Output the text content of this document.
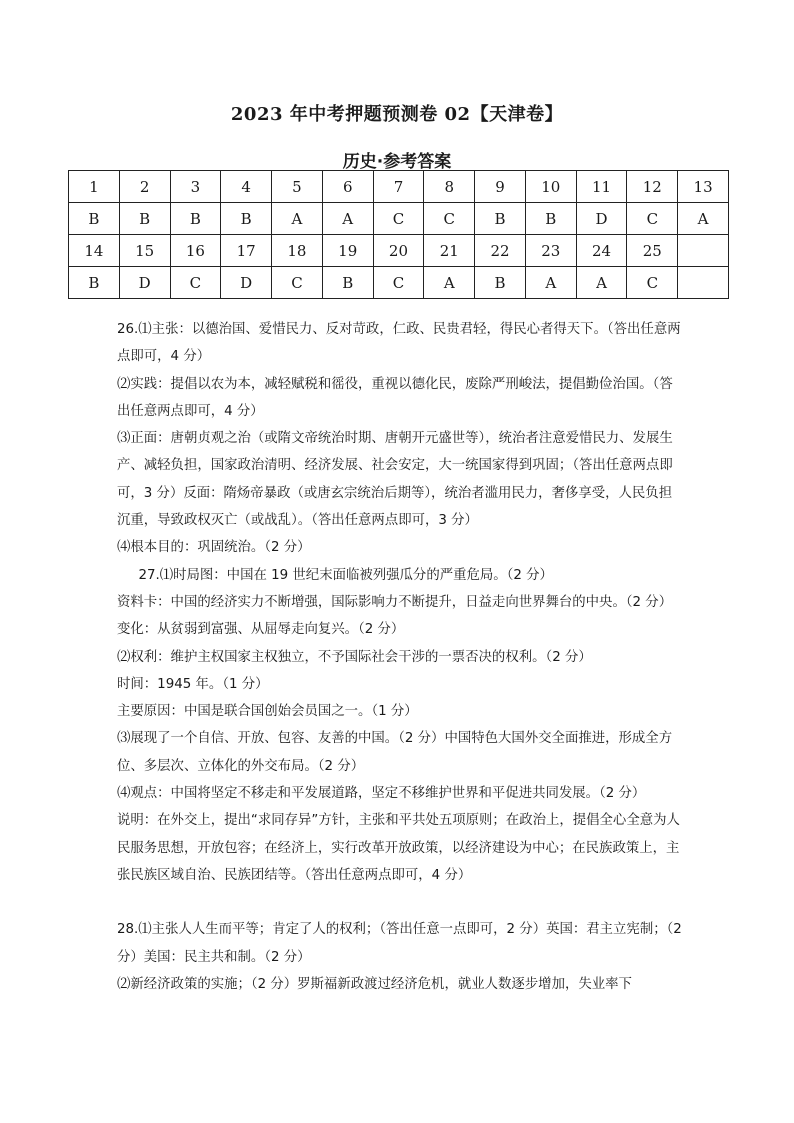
2023 年中考押题预测卷 02【天津卷】
历史·参考答案
1	2	3	4	5	6	7	8	9	10	11	12	13
B	B	B	B	A	A	C	C	B	B	D	C	A
14	15	16	17	18	19	20	21	22	23	24	25	
B	D	C	D	C	B	C	A	B	A	A	C	

26.⑴主张：以德治国、爱惜民力、反对苛政，仁政、民贵君轻，得民心者得天下。（答出任意两点即可，4 分）

⑵实践：提倡以农为本，减轻赋税和徭役，重视以德化民，废除严刑峻法，提倡勤俭治国。（答出任意两点即可，4 分）

⑶正面：唐朝贞观之治（或隋文帝统治时期、唐朝开元盛世等），统治者注意爱惜民力、发展生产、减轻负担，国家政治清明、经济发展、社会安定，大一统国家得到巩固；（答出任意两点即可，3 分）反面：隋炀帝暴政（或唐玄宗统治后期等），统治者滥用民力，奢侈享受，人民负担沉重，导致政权灭亡（或战乱）。（答出任意两点即可，3 分）

⑷根本目的：巩固统治。（2 分）

27.⑴时局图：中国在 19 世纪末面临被列强瓜分的严重危局。（2 分）

资料卡：中国的经济实力不断增强，国际影响力不断提升，日益走向世界舞台的中央。（2 分）

变化：从贫弱到富强、从屈辱走向复兴。（2 分）

⑵权利：维护主权国家主权独立，不予国际社会干涉的一票否决的权利。（2 分）

时间：1945 年。（1 分）

主要原因：中国是联合国创始会员国之一。（1 分）

⑶展现了一个自信、开放、包容、友善的中国。（2 分）中国特色大国外交全面推进，形成全方位、多层次、立体化的外交布局。（2 分）

⑷观点：中国将坚定不移走和平发展道路，坚定不移维护世界和平促进共同发展。（2 分）

说明：在外交上，提出“求同存异”方针，主张和平共处五项原则；在政治上，提倡全心全意为人民服务思想，开放包容；在经济上，实行改革开放政策，以经济建设为中心；在民族政策上，主张民族区域自治、民族团结等。（答出任意两点即可，4 分）

28.⑴主张人人生而平等；肯定了人的权利；（答出任意一点即可，2 分）英国：君主立宪制；（2 分）美国：民主共和制。（2 分）

⑵新经济政策的实施；（2 分）罗斯福新政渡过经济危机，就业人数逐步增加，失业率下
